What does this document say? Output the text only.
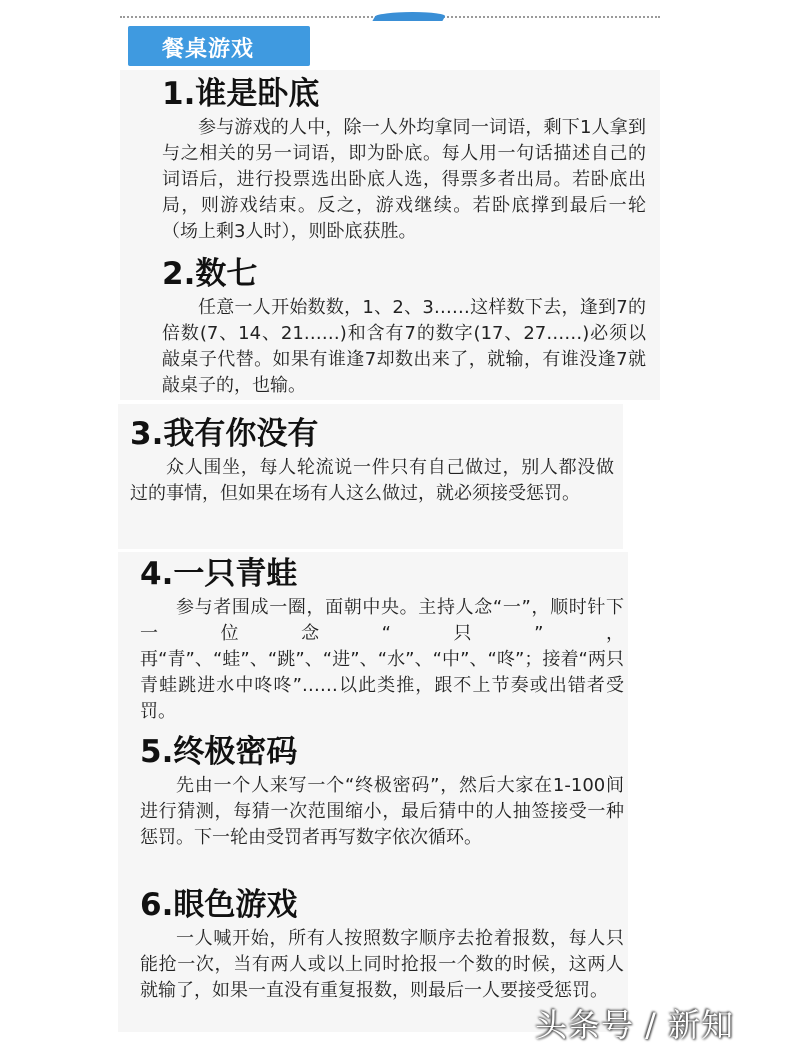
餐桌游戏
1.谁是卧底
参与游戏的人中，除一人外均拿同一词语，剩下1人拿到与之相关的另一词语，即为卧底。每人用一句话描述自己的词语后，进行投票选出卧底人选，得票多者出局。若卧底出局，则游戏结束。反之，游戏继续。若卧底撑到最后一轮（场上剩3人时），则卧底获胜。
2.数七
任意一人开始数数，1、2、3……这样数下去，逢到7的倍数(7、14、21……)和含有7的数字(17、27……)必须以敲桌子代替。如果有谁逢7却数出来了，就输，有谁没逢7就敲桌子的，也输。
3.我有你没有
众人围坐，每人轮流说一件只有自己做过，别人都没做过的事情，但如果在场有人这么做过，就必须接受惩罚。
4.一只青蛙
参与者围成一圈，面朝中央。主持人念“一”，顺时针下一位念“只”，再“青”、“蛙”、“跳”、“进”、“水”、“中”、“咚”；接着“两只青蛙跳进水中咚咚”……以此类推，跟不上节奏或出错者受罚。
5.终极密码
先由一个人来写一个“终极密码”，然后大家在1-100间进行猜测，每猜一次范围缩小，最后猜中的人抽签接受一种惩罚。下一轮由受罚者再写数字依次循环。
6.眼色游戏
一人喊开始，所有人按照数字顺序去抢着报数，每人只能抢一次，当有两人或以上同时抢报一个数的时候，这两人就输了，如果一直没有重复报数，则最后一人要接受惩罚。
头条号 / 新知
